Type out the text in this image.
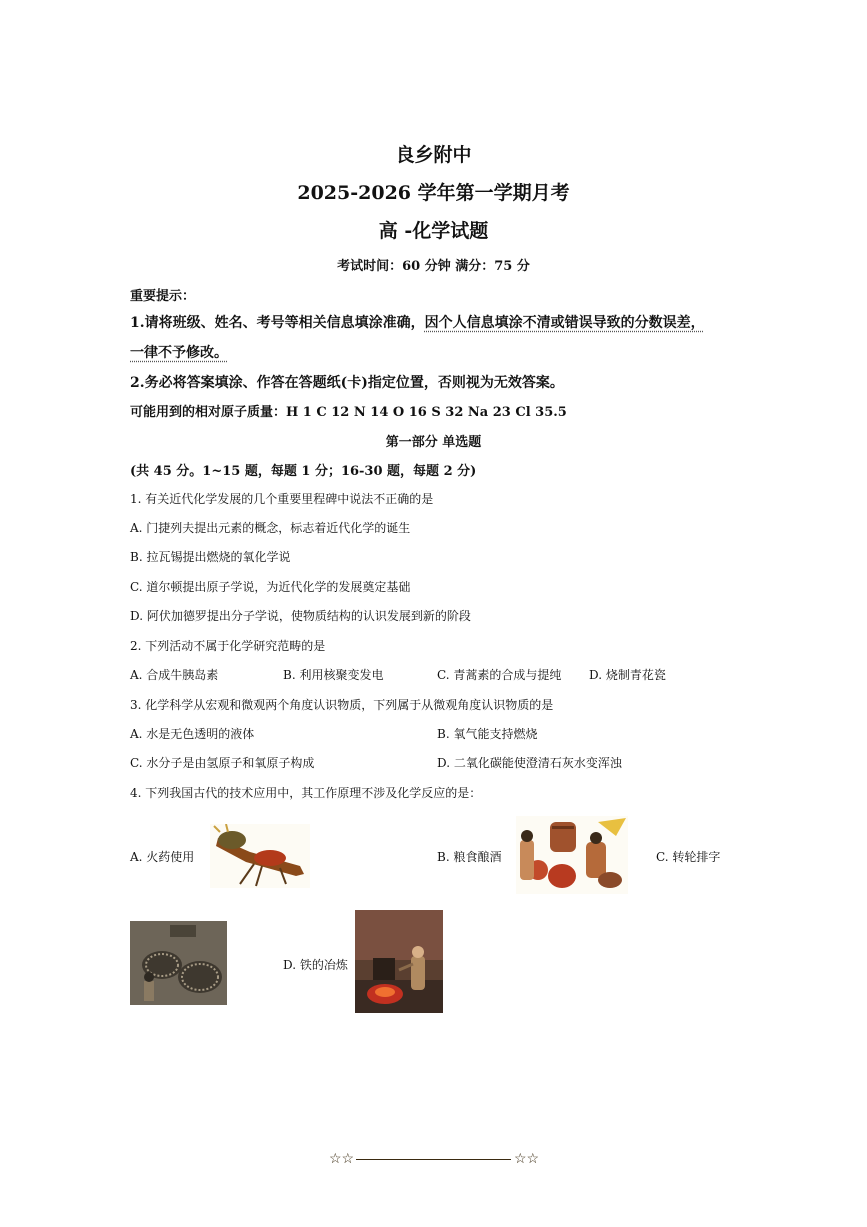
良乡附中
2025-2026 学年第一学期月考
高 -化学试题
考试时间：60 分钟 满分：75 分
重要提示：
1.请将班级、姓名、考号等相关信息填涂准确，因个人信息填涂不清或错误导致的分数误差，
一律不予修改。
2.务必将答案填涂、作答在答题纸(卡)指定位置，否则视为无效答案。
可能用到的相对原子质量：H 1 C 12 N 14 O 16 S 32 Na 23 Cl 35.5
第一部分 单选题
(共 45 分。1~15 题，每题 1 分；16-30 题，每题 2 分)
1. 有关近代化学发展的几个重要里程碑中说法不正确的是
A. 门捷列夫提出元素的概念，标志着近代化学的诞生
B. 拉瓦锡提出燃烧的氧化学说
C. 道尔顿提出原子学说，为近代化学的发展奠定基础
D. 阿伏加德罗提出分子学说，使物质结构的认识发展到新的阶段
2. 下列活动不属于化学研究范畴的是
A. 合成牛胰岛素	B. 利用核聚变发电	C. 青蒿素的合成与提纯 D. 烧制青花瓷
3. 化学科学从宏观和微观两个角度认识物质，下列属于从微观角度认识物质的是
A. 水是无色透明的液体	B. 氧气能支持燃烧
C. 水分子是由氢原子和氧原子构成	D. 二氧化碳能使澄清石灰水变浑浊
4. 下列我国古代的技术应用中，其工作原理不涉及化学反应的是：
A. 火药使用	B. 粮食酿酒	C. 转轮排字
D. 铁的冶炼
☆☆	☆☆
